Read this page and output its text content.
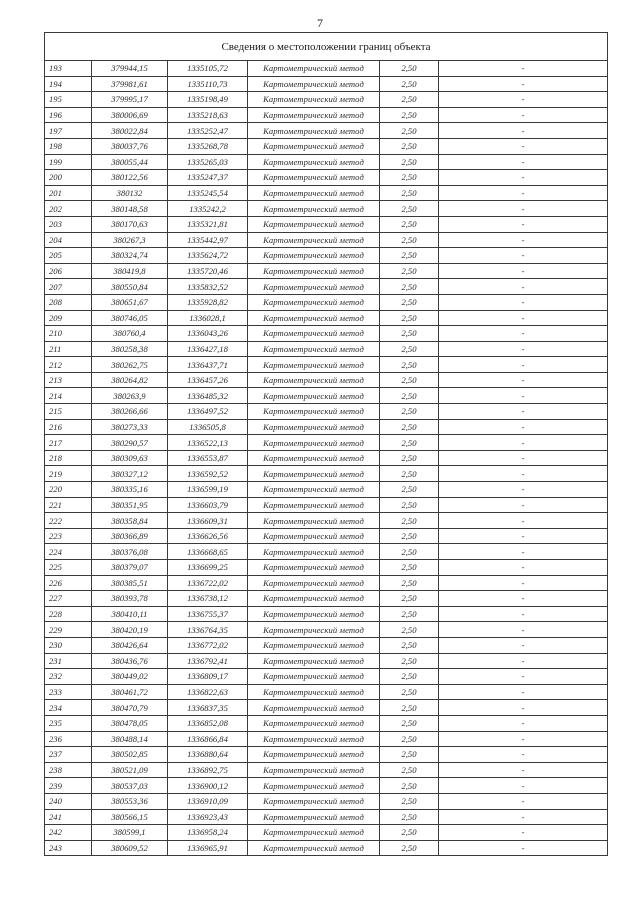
7
Сведения о местоположении границ объекта					
193	379944,15	1335105,72	Картометрический метод	2,50	-
194	379981,61	1335110,73	Картометрический метод	2,50	-
195	379995,17	1335198,49	Картометрический метод	2,50	-
196	380006,69	1335218,63	Картометрический метод	2,50	-
197	380022,84	1335252,47	Картометрический метод	2,50	-
198	380037,76	1335268,78	Картометрический метод	2,50	-
199	380055,44	1335265,03	Картометрический метод	2,50	-
200	380122,56	1335247,37	Картометрический метод	2,50	-
201	380132	1335245,54	Картометрический метод	2,50	-
202	380148,58	1335242,2	Картометрический метод	2,50	-
203	380170,63	1335321,81	Картометрический метод	2,50	-
204	380267,3	1335442,97	Картометрический метод	2,50	-
205	380324,74	1335624,72	Картометрический метод	2,50	-
206	380419,8	1335720,46	Картометрический метод	2,50	-
207	380550,84	1335832,52	Картометрический метод	2,50	-
208	380651,67	1335928,82	Картометрический метод	2,50	-
209	380746,05	1336028,1	Картометрический метод	2,50	-
210	380760,4	1336043,26	Картометрический метод	2,50	-
211	380258,38	1336427,18	Картометрический метод	2,50	-
212	380262,75	1336437,71	Картометрический метод	2,50	-
213	380264,82	1336457,26	Картометрический метод	2,50	-
214	380263,9	1336485,32	Картометрический метод	2,50	-
215	380266,66	1336497,52	Картометрический метод	2,50	-
216	380273,33	1336505,8	Картометрический метод	2,50	-
217	380290,57	1336522,13	Картометрический метод	2,50	-
218	380309,63	1336553,87	Картометрический метод	2,50	-
219	380327,12	1336592,52	Картометрический метод	2,50	-
220	380335,16	1336599,19	Картометрический метод	2,50	-
221	380351,95	1336603,79	Картометрический метод	2,50	-
222	380358,84	1336609,31	Картометрический метод	2,50	-
223	380366,89	1336626,56	Картометрический метод	2,50	-
224	380376,08	1336668,65	Картометрический метод	2,50	-
225	380379,07	1336699,25	Картометрический метод	2,50	-
226	380385,51	1336722,02	Картометрический метод	2,50	-
227	380393,78	1336738,12	Картометрический метод	2,50	-
228	380410,11	1336755,37	Картометрический метод	2,50	-
229	380420,19	1336764,35	Картометрический метод	2,50	-
230	380426,64	1336772,02	Картометрический метод	2,50	-
231	380436,76	1336792,41	Картометрический метод	2,50	-
232	380449,02	1336809,17	Картометрический метод	2,50	-
233	380461,72	1336822,63	Картометрический метод	2,50	-
234	380470,79	1336837,35	Картометрический метод	2,50	-
235	380478,05	1336852,08	Картометрический метод	2,50	-
236	380488,14	1336866,84	Картометрический метод	2,50	-
237	380502,85	1336880,64	Картометрический метод	2,50	-
238	380521,09	1336892,75	Картометрический метод	2,50	-
239	380537,03	1336900,12	Картометрический метод	2,50	-
240	380553,36	1336910,09	Картометрический метод	2,50	-
241	380566,15	1336923,43	Картометрический метод	2,50	-
242	380599,1	1336958,24	Картометрический метод	2,50	-
243	380609,52	1336965,91	Картометрический метод	2,50	-
